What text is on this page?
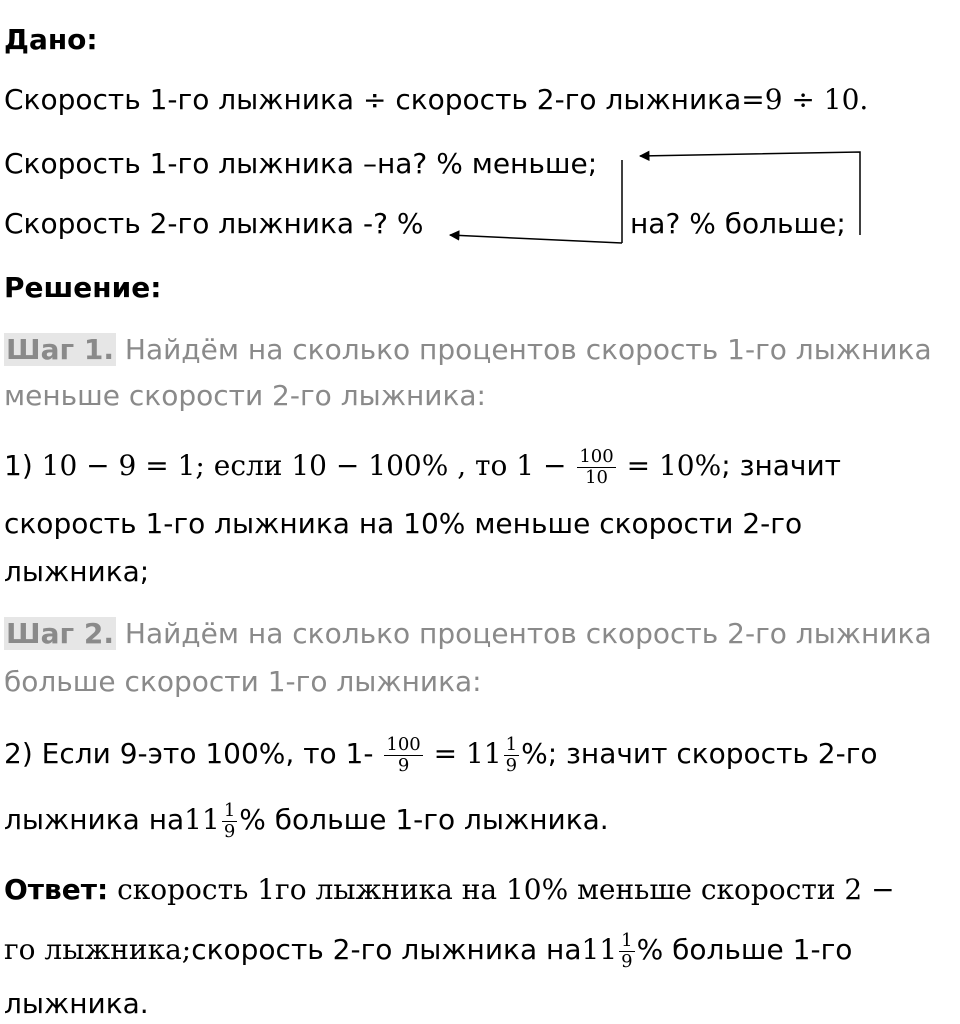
Дано:
Скорость 1-го лыжника ÷ скорость 2-го лыжника=9 ÷ 10.
Скорость 1-го лыжника –на? % меньше;
Скорость 2-го лыжника -? %	на? % больше;
Решение:
Шаг 1. Найдём на сколько процентов скорость 1-го лыжника
меньше скорости 2-го лыжника:
1) 10 − 9 = 1; если 10 − 100% , то $1 - \frac{100}{10} = 10\%$; значит
скорость 1-го лыжника на 10% меньше скорости 2-го
лыжника;
Шаг 2. Найдём на сколько процентов скорость 2-го лыжника
больше скорости 1-го лыжника:
2) Если 9-это 100%, то $1- \frac{100}{9} = 11 \frac{1}{9}$ %; значит скорость 2-го
лыжника $на11 \frac{1}{9}$ % больше 1-го лыжника.
Ответ: скорость 1го лыжника на 10% меньше скорости 2 −
го лыжника;скорость 2-го лыжника $на11 \frac{1}{9}$ % больше 1-го
лыжника.
